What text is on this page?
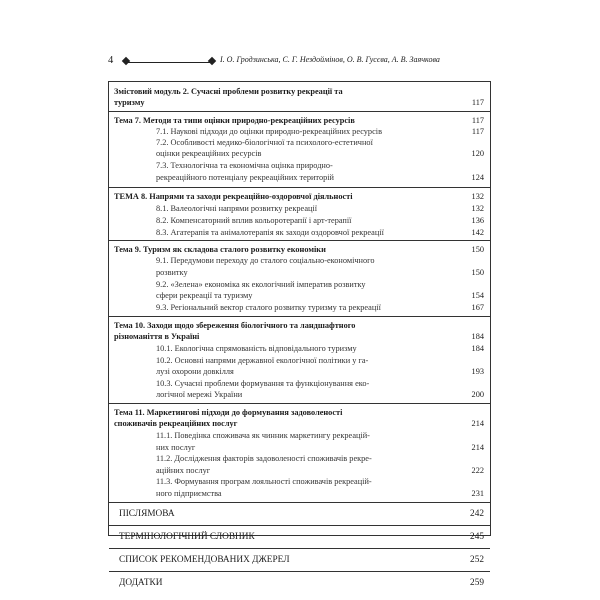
4	І. О. Гродзинська, С. Г. Нездоймінов, О. В. Гусєва, А. В. Заячкова
Змістовий модуль 2. Сучасні проблеми розвитку рекреації та
туризму	117
Тема 7. Методи та типи оцінки природно-рекреаційних ресурсів	117
7.1. Наукові підходи до оцінки природно-рекреаційних ресурсів	117
7.2. Особливості медико-біологічної та психолого-естетичної
оцінки рекреаційних ресурсів	120
7.3. Технологічна та економічна оцінка природно-
рекреаційного потенціалу рекреаційних територій	124
ТЕМА 8. Напрями та заходи рекреаційно-оздоровчої діяльності	132
8.1. Валеологічні напрями розвитку рекреації	132
8.2. Компенсаторний вплив кольоротерапії і арт-терапії	136
8.3. Агатерапія та анімалотерапія як заходи оздоровчої рекреації	142
Тема 9. Туризм як складова сталого розвитку економіки	150
9.1. Передумови переходу до сталого соціально-економічного
розвитку	150
9.2. «Зелена» економіка як екологічний імператив розвитку
сфери рекреації та туризму	154
9.3. Регіональний вектор сталого розвитку туризму та рекреації	167
Тема 10. Заходи щодо збереження біологічного та ландшафтного
різноманіття в Україні	184
10.1. Екологічна спрямованість відповідального туризму	184
10.2. Основні напрями державної екологічної політики у га-
лузі охорони довкілля	193
10.3. Сучасні проблеми формування та функціонування еко-
логічної мережі України	200
Тема 11. Маркетингові підходи до формування задоволеності
споживачів рекреаційних послуг	214
11.1. Поведінка споживача як чинник маркетингу рекреацій-
них послуг	214
11.2. Дослідження факторів задоволеності споживачів рекре-
аційних послуг	222
11.3. Формування програм лояльності споживачів рекреацій-
ного підприємства	231
ПІСЛЯМОВА	242
ТЕРМІНОЛОГІЧНИЙ СЛОВНИК	245
СПИСОК РЕКОМЕНДОВАНИХ ДЖЕРЕЛ	252
ДОДАТКИ	259
